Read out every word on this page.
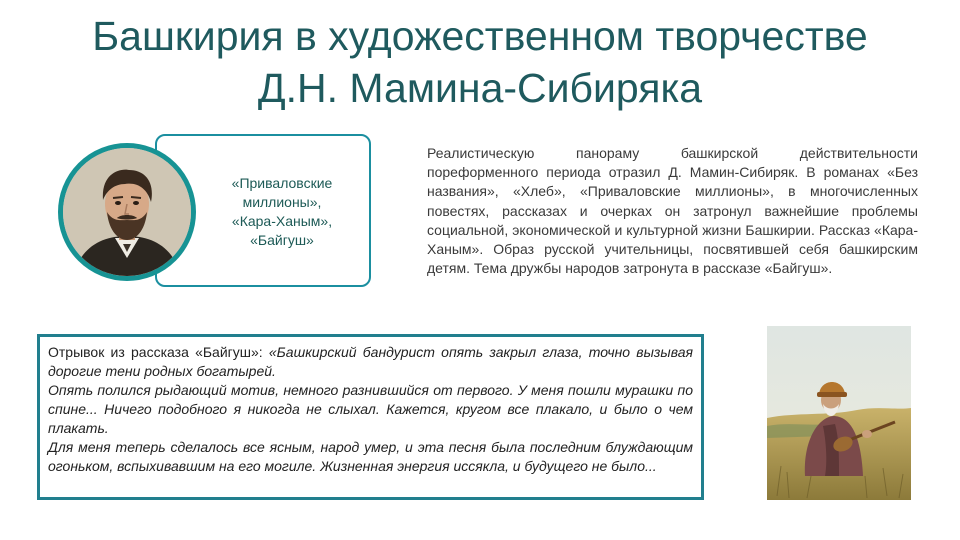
Башкирия в художественном творчестве
Д.Н. Мамина-Сибиряка
«Приваловские миллионы»,
«Кара-Ханым»,
«Байгуш»

Реалистическую панораму башкирской действительности пореформенного периода отразил Д. Мамин-Сибиряк. В романах «Без названия», «Хлеб», «Приваловские миллионы», в многочисленных повестях, рассказах и очерках он затронул важнейшие проблемы социальной, экономической и культурной жизни Башкирии. Рассказ «Кара-Ханым». Образ русской учительницы, посвятившей себя башкирским детям. Тема дружбы народов затронута в рассказе «Байгуш».

Отрывок из рассказа «Байгуш»: «Башкирский бандурист опять закрыл глаза, точно вызывая дорогие тени родных богатырей.

Опять полился рыдающий мотив, немного разнившийся от первого. У меня пошли мурашки по спине... Ничего подобного я никогда не слыхал. Кажется, кругом все плакало, и было о чем плакать.

Для меня теперь сделалось все ясным, народ умер, и эта песня была последним блуждающим огоньком, вспыхивавшим на его могиле. Жизненная энергия иссякла, и будущего не было...
